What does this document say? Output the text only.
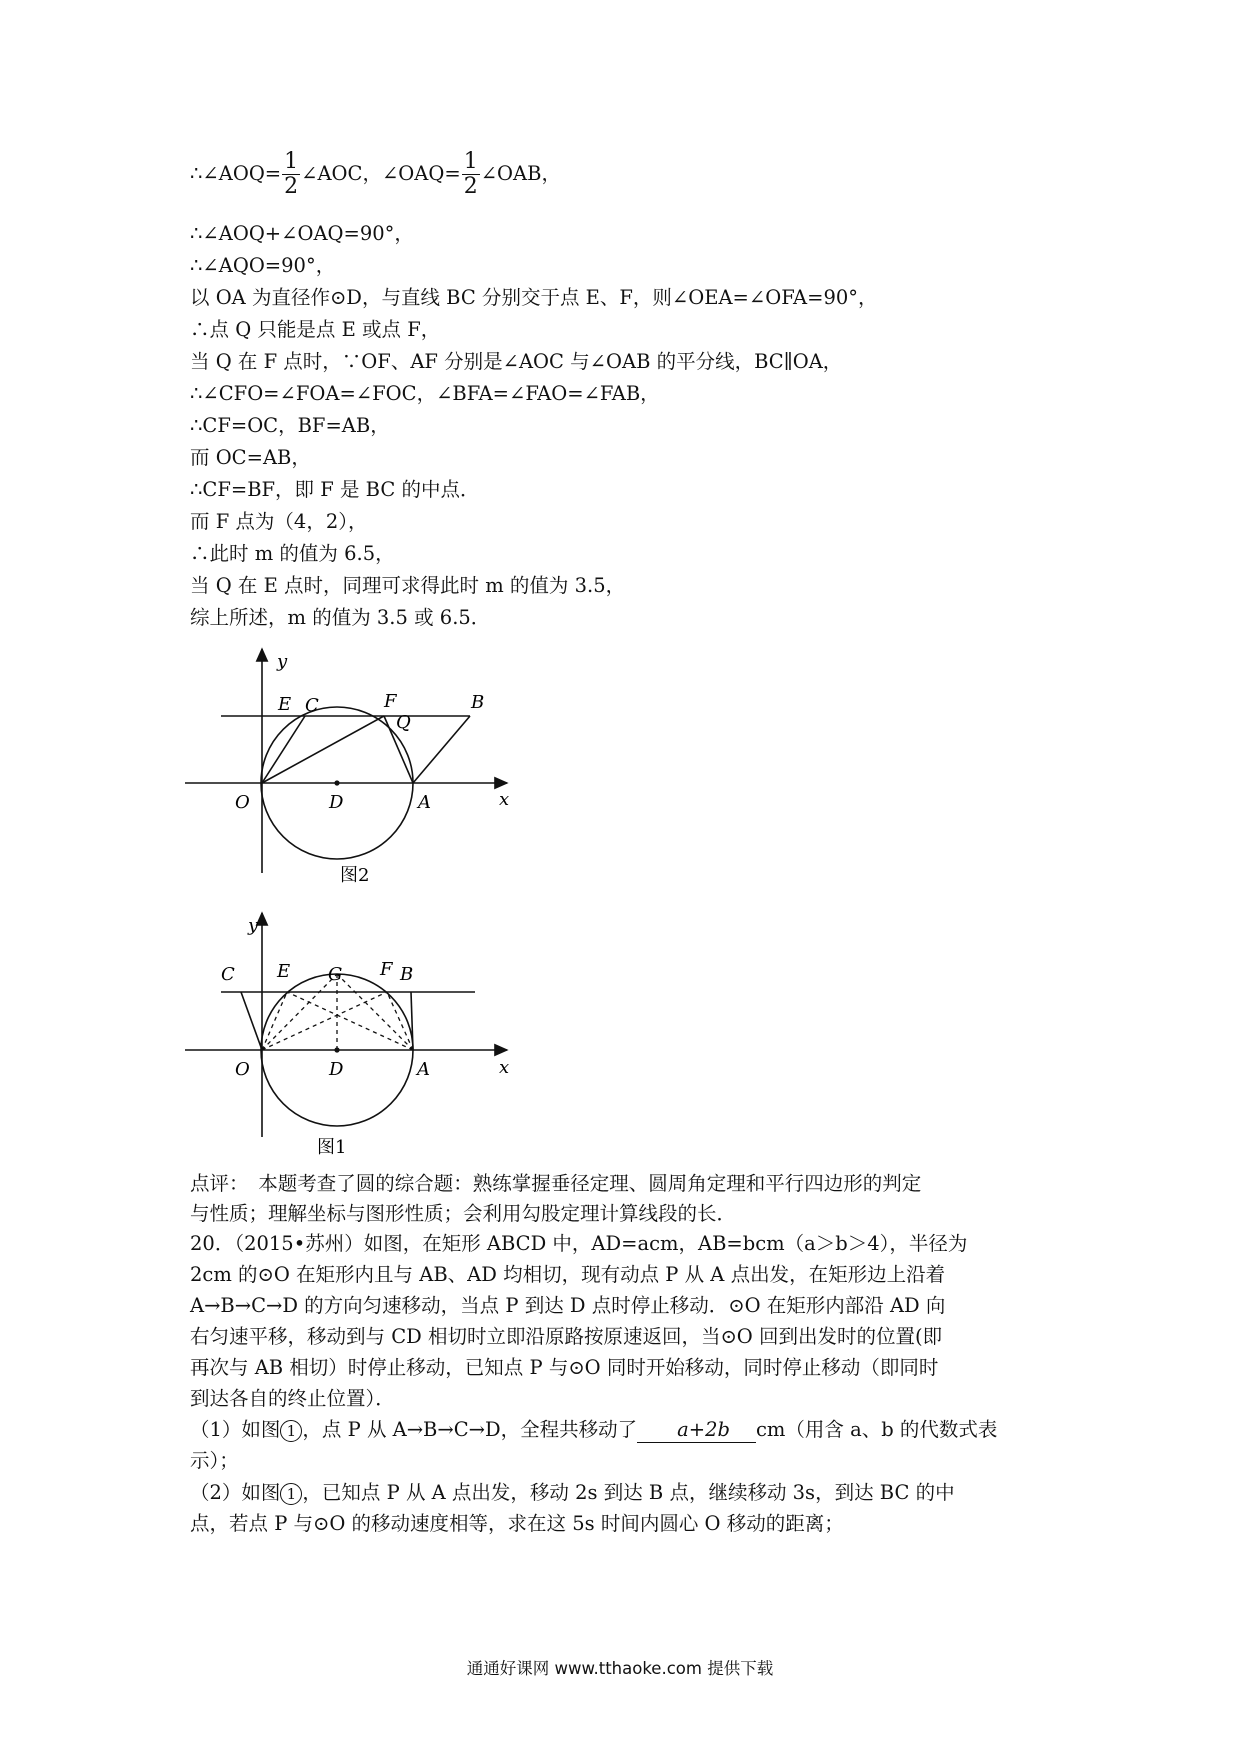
∴∠AOQ= $\frac{1}{2}$ ∠AOC，∠OAQ= $\frac{1}{2}$ ∠OAB，
∴∠AOQ+∠OAQ=90°，
∴∠AQO=90°，
以 OA 为直径作⊙D，与直线 BC 分别交于点 E、F，则∠OEA=∠OFA=90°，
∴点 Q 只能是点 E 或点 F，
当 Q 在 F 点时，∵OF、AF 分别是∠AOC 与∠OAB 的平分线，BC∥OA，
∴∠CFO=∠FOA=∠FOC，∠BFA=∠FAO=∠FAB，
∴CF=OC，BF=AB，
而 OC=AB，
∴CF=BF，即 F 是 BC 的中点．
而 F 点为（4，2），
∴此时 m 的值为 6.5，
当 Q 在 E 点时，同理可求得此时 m 的值为 3.5，
综上所述，m 的值为 3.5 或 6.5．
y
x
O	D	A
E C	F
Q
B
图2
y
x
O	D	A
C E G F B
图1
点评：　本题考查了圆的综合题：熟练掌握垂径定理、圆周角定理和平行四边形的判定
与性质；理解坐标与图形性质；会利用勾股定理计算线段的长．
20．（2015•苏州）如图，在矩形 ABCD 中，AD=acm，AB=bcm（a＞b＞4），半径为
2cm 的⊙O 在矩形内且与 AB、AD 均相切，现有动点 P 从 A 点出发，在矩形边上沿着
A→B→C→D 的方向匀速移动，当点 P 到达 D 点时停止移动．⊙O 在矩形内部沿 AD 向
右匀速平移，移动到与 CD 相切时立即沿原路按原速返回，当⊙O 回到出发时的位置(即
再次与 AB 相切）时停止移动，已知点 P 与⊙O 同时开始移动，同时停止移动（即同时
到达各自的终止位置）．
（1）如图 1 ，点 P 从 A→B→C→D，全程共移动了 a+2b cm（用含 a、b 的代数式表
示）；
（2）如图 1 ，已知点 P 从 A 点出发，移动 2s 到达 B 点，继续移动 3s，到达 BC 的中
点，若点 P 与⊙O 的移动速度相等，求在这 5s 时间内圆心 O 移动的距离；
通通好课网 www.tthaoke.com 提供下载
